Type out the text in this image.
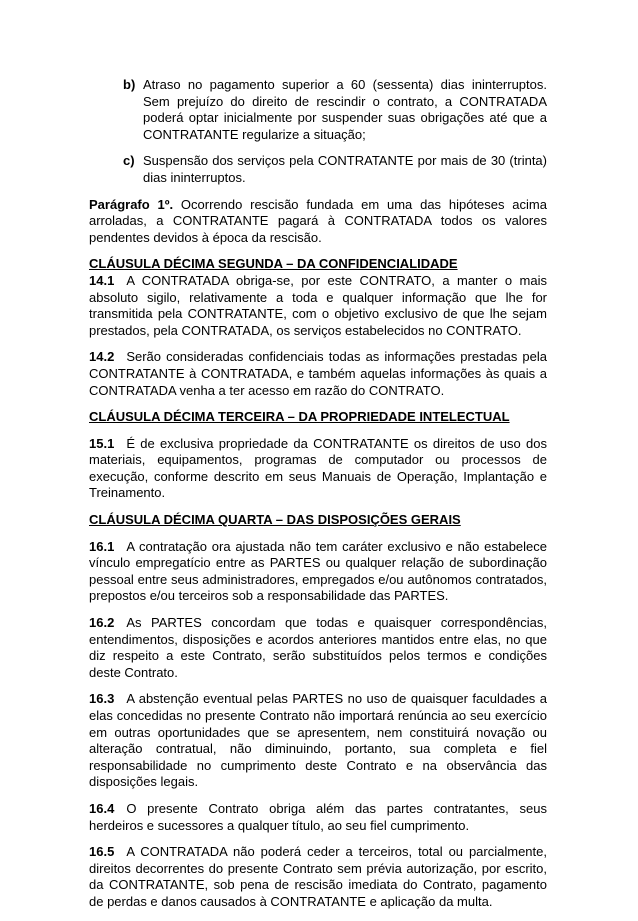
b) Atraso no pagamento superior a 60 (sessenta) dias ininterruptos. Sem prejuízo do direito de rescindir o contrato, a CONTRATADA poderá optar inicialmente por suspender suas obrigações até que a CONTRATANTE regularize a situação;
c) Suspensão dos serviços pela CONTRATANTE por mais de 30 (trinta) dias ininterruptos.

Parágrafo 1º. Ocorrendo rescisão fundada em uma das hipóteses acima arroladas, a CONTRATANTE pagará à CONTRATADA todos os valores pendentes devidos à época da rescisão.

CLÁUSULA DÉCIMA SEGUNDA – DA CONFIDENCIALIDADE

14.1 A CONTRATADA obriga-se, por este CONTRATO, a manter o mais absoluto sigilo, relativamente a toda e qualquer informação que lhe for transmitida pela CONTRATANTE, com o objetivo exclusivo de que lhe sejam prestados, pela CONTRATADA, os serviços estabelecidos no CONTRATO.

14.2 Serão consideradas confidenciais todas as informações prestadas pela CONTRATANTE à CONTRATADA, e também aquelas informações às quais a CONTRATADA venha a ter acesso em razão do CONTRATO.

CLÁUSULA DÉCIMA TERCEIRA – DA PROPRIEDADE INTELECTUAL

15.1 É de exclusiva propriedade da CONTRATANTE os direitos de uso dos materiais, equipamentos, programas de computador ou processos de execução, conforme descrito em seus Manuais de Operação, Implantação e Treinamento.

CLÁUSULA DÉCIMA QUARTA – DAS DISPOSIÇÕES GERAIS

16.1 A contratação ora ajustada não tem caráter exclusivo e não estabelece vínculo empregatício entre as PARTES ou qualquer relação de subordinação pessoal entre seus administradores, empregados e/ou autônomos contratados, prepostos e/ou terceiros sob a responsabilidade das PARTES.

16.2 As PARTES concordam que todas e quaisquer correspondências, entendimentos, disposições e acordos anteriores mantidos entre elas, no que diz respeito a este Contrato, serão substituídos pelos termos e condições deste Contrato.

16.3 A abstenção eventual pelas PARTES no uso de quaisquer faculdades a elas concedidas no presente Contrato não importará renúncia ao seu exercício em outras oportunidades que se apresentem, nem constituirá novação ou alteração contratual, não diminuindo, portanto, sua completa e fiel responsabilidade no cumprimento deste Contrato e na observância das disposições legais.

16.4 O presente Contrato obriga além das partes contratantes, seus herdeiros e sucessores a qualquer título, ao seu fiel cumprimento.

16.5 A CONTRATADA não poderá ceder a terceiros, total ou parcialmente, direitos decorrentes do presente Contrato sem prévia autorização, por escrito, da CONTRATANTE, sob pena de rescisão imediata do Contrato, pagamento de perdas e danos causados à CONTRATANTE e aplicação da multa.
